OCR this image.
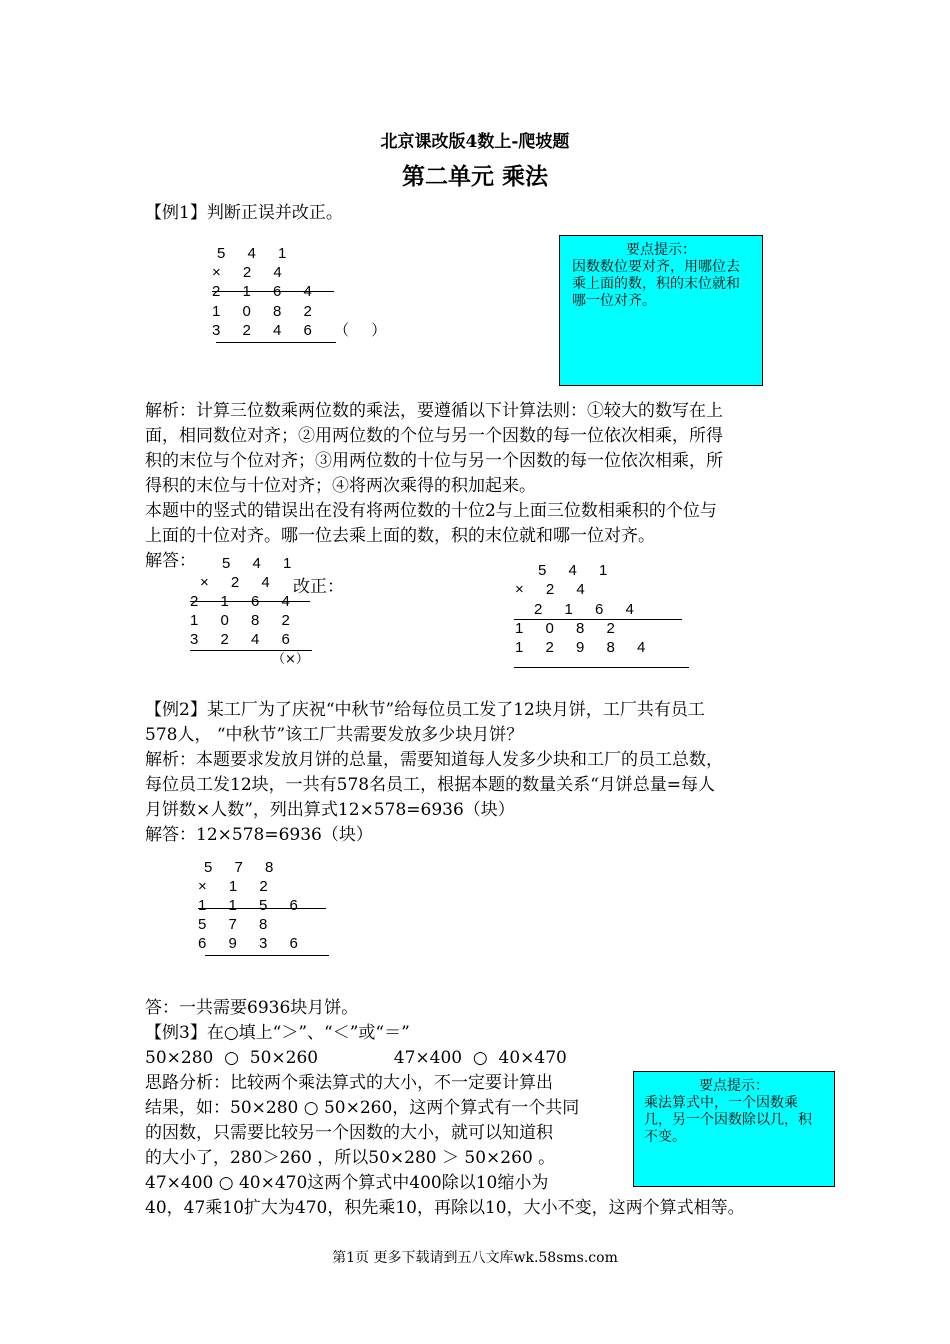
北京课改版4数上-爬坡题
第二单元 乘法
【例1】判断正误并改正。
5 4 1
× 2 4
2 1 6 4
1 0 8 2
3 2 4 6 （ ）
要点提示：
因数数位要对齐，用哪位去乘上面的数，积的末位就和哪一位对齐。
解析：计算三位数乘两位数的乘法，要遵循以下计算法则：①较大的数写在上
面，相同数位对齐；②用两位数的个位与另一个因数的每一位依次相乘，所得
积的末位与个位对齐；③用两位数的十位与另一个因数的每一位依次相乘，所
得积的末位与十位对齐；④将两次乘得的积加起来。
本题中的竖式的错误出在没有将两位数的十位2与上面三位数相乘积的个位与
上面的十位对齐。哪一位去乘上面的数，积的末位就和哪一位对齐。
解答： 5 4 1
× 2 4
2 1 6 4
1 0 8 2
3 2 4 6
（×）
改正：
5 4 1
× 2 4
2 1 6 4
1 0 8 2
1 2 9 8 4
【例2】某工厂为了庆祝“中秋节”给每位员工发了12块月饼，工厂共有员工
578人， “中秋节”该工厂共需要发放多少块月饼？
解析：本题要求发放月饼的总量，需要知道每人发多少块和工厂的员工总数，
每位员工发12块，一共有578名员工，根据本题的数量关系“月饼总量=每人
月饼数×人数”，列出算式12×578=6936（块）
解答：12×578=6936（块）
5 7 8
× 1 2
1 1 5 6
5 7 8
6 9 3 6
答：一共需要6936块月饼。
【例3】在○填上“＞”、“＜”或“＝”
50×280  ○  50×260              47×400  ○  40×470
思路分析：比较两个乘法算式的大小，不一定要计算出
结果，如：50×280 ○ 50×260，这两个算式有一个共同
的因数，只需要比较另一个因数的大小，就可以知道积
的大小了，280＞260 ，所以50×280 ＞ 50×260 。
47×400 ○ 40×470这两个算式中400除以10缩小为
40，47乘10扩大为470，积先乘10，再除以10，大小不变，这两个算式相等。
要点提示：
乘法算式中，一个因数乘几，另一个因数除以几，积不变。
第1页 更多下载请到五八文库wk.58sms.com
